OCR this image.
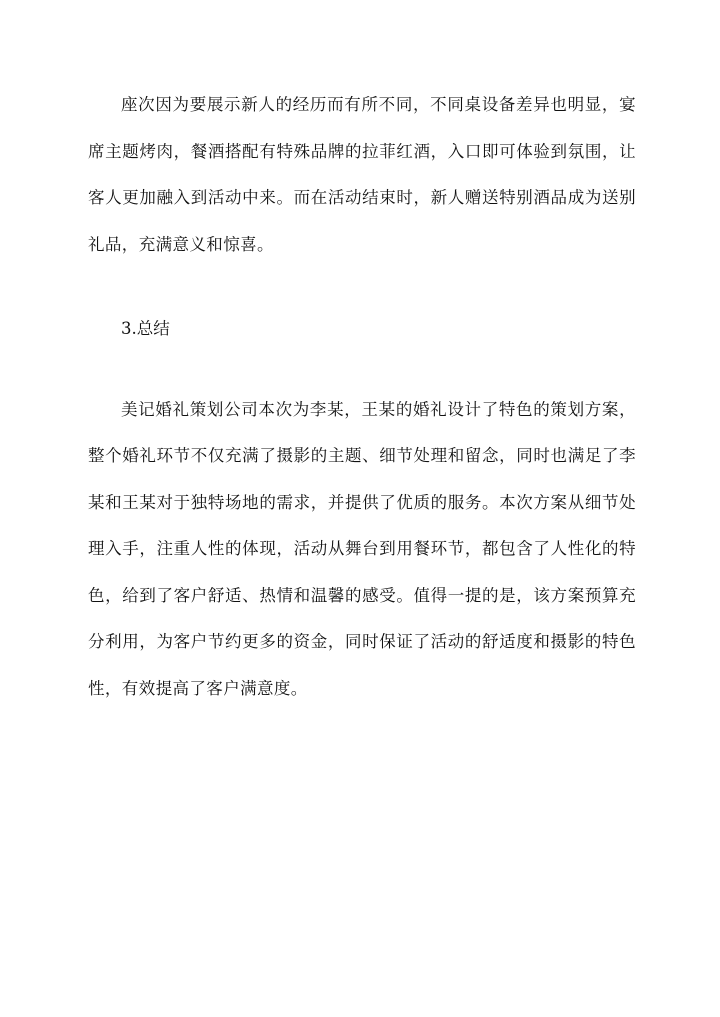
座次因为要展示新人的经历而有所不同，不同桌设备差异也明显，宴席主题烤肉，餐酒搭配有特殊品牌的拉菲红酒，入口即可体验到氛围，让客人更加融入到活动中来。而在活动结束时，新人赠送特别酒品成为送别礼品，充满意义和惊喜。

3.总结

美记婚礼策划公司本次为李某，王某的婚礼设计了特色的策划方案，整个婚礼环节不仅充满了摄影的主题、细节处理和留念，同时也满足了李某和王某对于独特场地的需求，并提供了优质的服务。本次方案从细节处理入手，注重人性的体现，活动从舞台到用餐环节，都包含了人性化的特色，给到了客户舒适、热情和温馨的感受。值得一提的是，该方案预算充分利用，为客户节约更多的资金，同时保证了活动的舒适度和摄影的特色性，有效提高了客户满意度。
